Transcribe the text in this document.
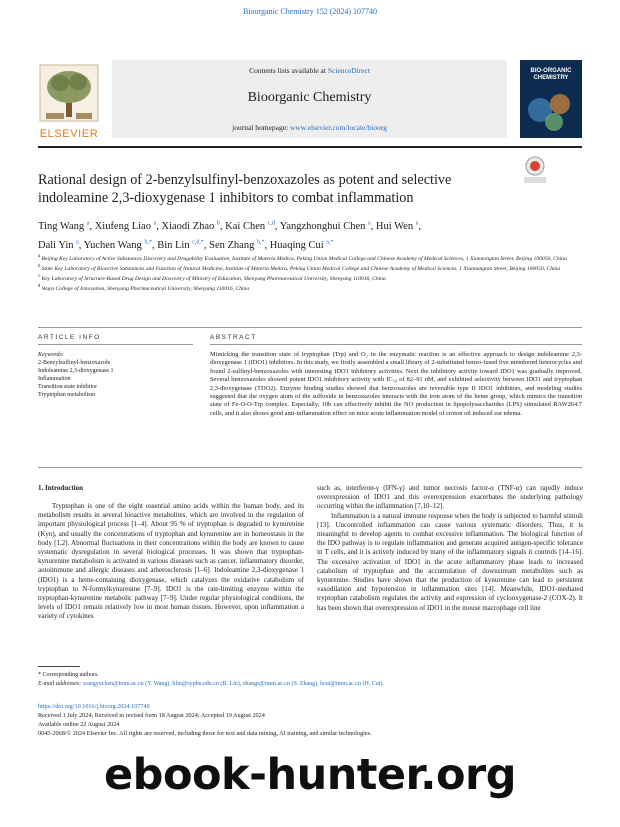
Bioorganic Chemistry 152 (2024) 107740
ELSEVIER
Contents lists available at ScienceDirect
Bioorganic Chemistry
journal homepage: www.elsevier.com/locate/bioorg
BIO-ORGANIC
CHEMISTRY
Rational design of 2-benzylsulfinyl-benzoxazoles as potent and selective indoleamine 2,3-dioxygenase 1 inhibitors to combat inflammation
Ting Wang $^a$, Xiufeng Liao $^a$, Xiaodi Zhao $^b$, Kai Chen $^{c,d}$, Yangzhonghui Chen $^a$, Hui Wen $^a$,
Dali Yin $^a$, Yuchen Wang $^{b,*}$, Bin Lin $^{c,d,*}$, Sen Zhang $^{b,*}$, Huaqing Cui $^{a,*}$

$^a$ Beijing Key Laboratory of Active Substances Discovery and Drugability Evaluation, Institute of Materia Medica, Peking Union Medical College and Chinese Academy of Medical Sciences, 1 Xiannongtan Street, Beijing 100050, China

$^b$ State Key Laboratory of Bioactive Substances and Function of Natural Medicine, Institute of Materia Medica, Peking Union Medical College and Chinese Academy of Medical Sciences, 1 Xiannongtan Street, Beijing 100050, China

$^c$ Key Laboratory of Structure-Based Drug Design and Discovery of Ministry of Education, Shenyang Pharmaceutical University, Shenyang 110016, China

$^d$ Wuya College of Innovation, Shenyang Pharmaceutical University, Shenyang 110016, China

ARTICLE INFO	ABSTRACT
Keywords:
2-Benzylsulfinyl-benzoxazole
Indoleamine 2,3-dioxygenase 1
Inflammation
Transition state inhibitor
Tryptophan metabolism
Mimicking the transition state of tryptophan (Trp) and O₂ in the enzymatic reaction is an effective approach to design indoleamine 2,3-dioxygenase 1 (IDO1) inhibitors. In this study, we firstly assembled a small library of 2-substituted benzo-fused five membered heterocycles and found 2-sulfinyl-benzoxazoles with interesting IDO1 inhibitory activities. Next the inhibitory activity toward IDO1 was gradually improved. Several benzoxazoles showed potent IDO1 inhibitory activity with IC₅₀ of 82–91 nM, and exhibited selectivity between IDO1 and tryptophan 2,3-dioxygenase (TDO2). Enzyme binding studies showed that benzoxazoles are reversible type II IDO1 inhibitors, and modeling studies suggested that the oxygen atom of the sulfoxide in benzoxazoles interacts with the iron atom of the heme group, which mimics the transition state of Fe-O-O-Trp complex. Especially, 10b can effectively inhibit the NO production in lipopolysaccharides (LPS) stimulated RAW264.7 cells, and it also shows good anti-inflammation effect on mice acute inflammation model of croton oil induced ear edema.
1. Introduction

Tryptophan is one of the eight essential amino acids within the human body, and its metabolism results in several bioactive metabolites, which are involved in the regulation of important physiological process [1–4]. About 95 % of tryptophan is degraded to kynurenine (Kyn), and usually the concentrations of tryptophan and kynurenine are in homeostasis in the body [1,2]. Abnormal fluctuations in their concentrations within the body are known to cause systematic dysregulation in several biological processes. It was shown that tryptophan-kynurenine metabolism is activated in various diseases such as cancer, inflammatory disorder, autoimmune and allergic diseases and atherosclerosis [1–6]. Indoleamine 2,3-dioxygenase 1 (IDO1) is a heme-containing dioxygenase, which catalyzes the oxidative catabolism of tryptophan to N-formylkynurenine [7–9]. IDO1 is the rate-limiting enzyme within the tryptophan-kynurenine metabolic pathway [7–9]. Under regular physiological conditions, the levels of IDO1 remain relatively low in most human tissues. However, upon inflammation a variety of cytokines

such as, interferon-γ (IFN-γ) and tumor necrosis factor-α (TNF-α) can rapidly induce overexpression of IDO1 and this overexpression exacerbates the underlying pathology occurring within the inflammation [7,10–12].

Inflammation is a natural immune response when the body is subjected to harmful stimuli [13]. Uncontrolled inflammation can cause various systematic disorders. Thus, it is meaningful to develop agents to combat excessive inflammation. The biological function of the IDO pathway is to regulate inflammation and generate acquired antigen-specific tolerance in T cells, and it is actively induced by many of the inflammatory signals it controls [14–16]. The excessive activation of IDO1 in the acute inflammatory phase leads to increased catabolism of tryptophan and the accumulation of downstream metabolites such as kynurenine. Studies have shown that the production of kynurenine can lead to persistent vasodilation and hypotension in inflammation sites [14]. Meanwhile, IDO1-mediated tryptophan catabolism regulates the activity and expression of cyclooxygenase-2 (COX-2). It has been shown that overexpression of IDO1 in the mouse macrophage cell line

* Corresponding authors.

E-mail addresses: wangyuchen@imm.ac.cn (Y. Wang), blin@syphu.edu.cn (B. Lin), zhangs@imm.ac.cn (S. Zhang), hcui@imm.ac.cn (H. Cui).

https://doi.org/10.1016/j.bioorg.2024.107740

Received 1 July 2024; Received in revised form 18 August 2024; Accepted 19 August 2024

Available online 22 August 2024

0045-2068/© 2024 Elsevier Inc. All rights are reserved, including those for text and data mining, AI training, and similar technologies.

ebook-hunter.org
